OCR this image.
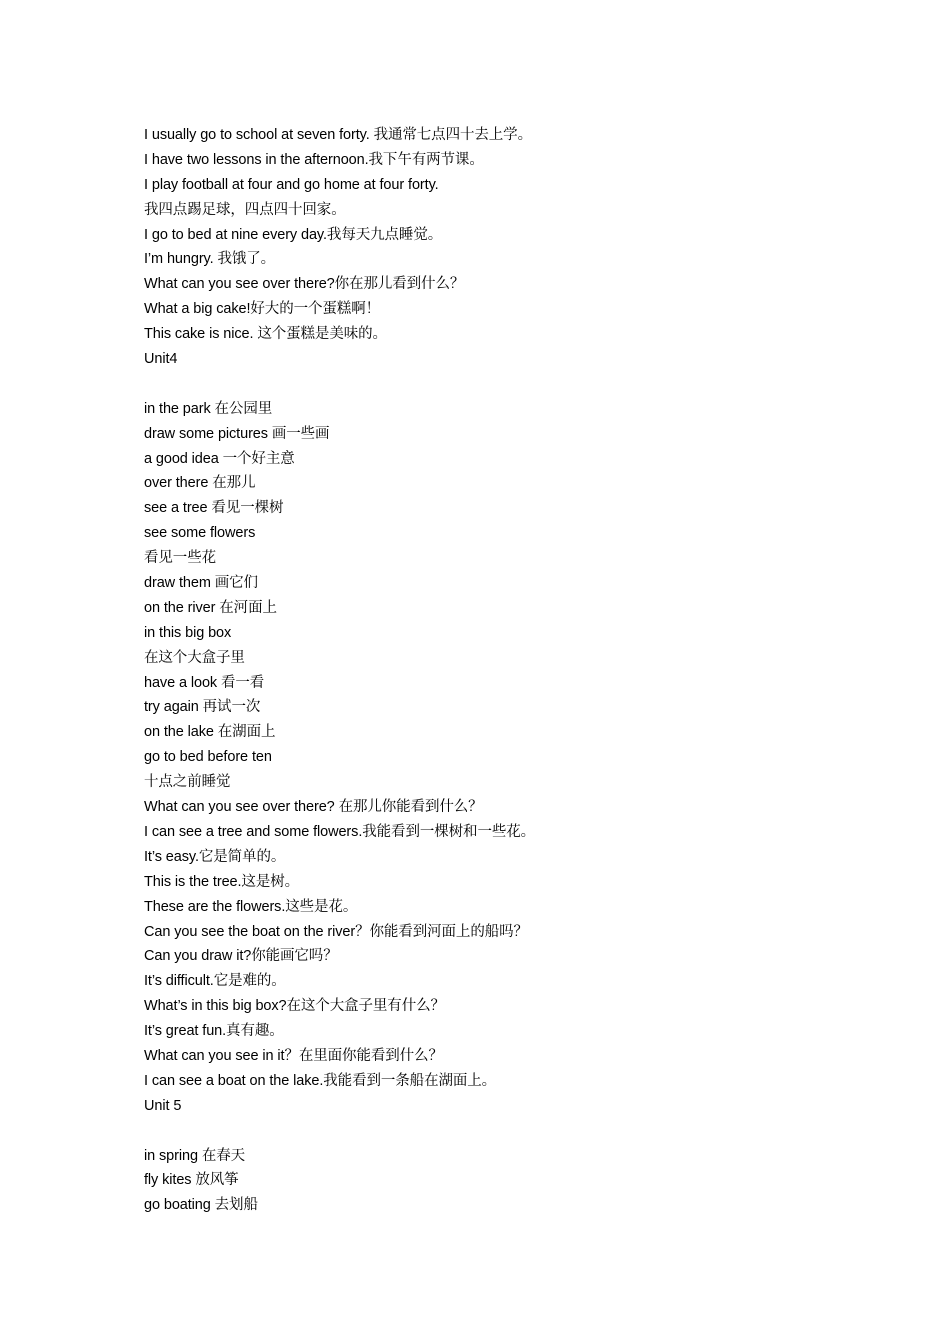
I usually go to school at seven forty. 我通常七点四十去上学。
I have two lessons in the afternoon.我下午有两节课。
I play football at four and go home at four forty.
我四点踢足球，四点四十回家。
I go to bed at nine every day.我每天九点睡觉。
I’m hungry. 我饿了。
What can you see over there?你在那儿看到什么？
What a big cake!好大的一个蛋糕啊！
This cake is nice. 这个蛋糕是美味的。
Unit4
in the park 在公园里
draw some pictures 画一些画
a good idea 一个好主意
over there 在那儿
see a tree 看见一棵树
see some flowers
看见一些花
draw them 画它们
on the river 在河面上
in this big box
在这个大盒子里
have a look 看一看
try again 再试一次
on the lake 在湖面上
go to bed before ten
十点之前睡觉
What can you see over there? 在那儿你能看到什么？
I can see a tree and some flowers.我能看到一棵树和一些花。
It’s easy.它是简单的。
This is the tree.这是树。
These are the flowers.这些是花。
Can you see the boat on the river？你能看到河面上的船吗？
Can you draw it?你能画它吗？
It’s difficult.它是难的。
What’s in this big box?在这个大盒子里有什么？
It’s great fun.真有趣。
What can you see in it？在里面你能看到什么？
I can see a boat on the lake.我能看到一条船在湖面上。
Unit 5
in spring 在春天
fly kites 放风筝
go boating 去划船
